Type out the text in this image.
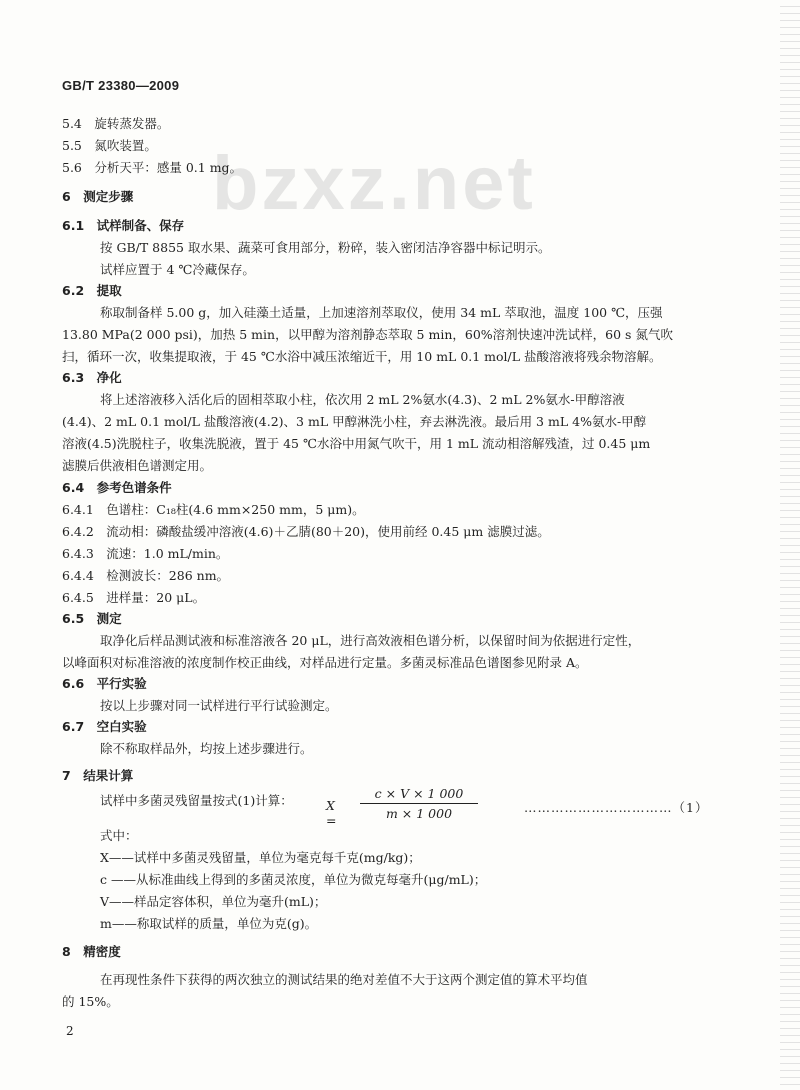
GB/T 23380—2009
bzxz.net
5.4　旋转蒸发器。
5.5　氮吹装置。
5.6　分析天平：感量 0.1 mg。
6　测定步骤
6.1　试样制备、保存
按 GB/T 8855 取水果、蔬菜可食用部分，粉碎，装入密闭洁净容器中标记明示。
试样应置于 4 ℃冷藏保存。
6.2　提取
称取制备样 5.00 g，加入硅藻土适量，上加速溶剂萃取仪，使用 34 mL 萃取池，温度 100 ℃，压强
13.80 MPa(2 000 psi)，加热 5 min，以甲醇为溶剂静态萃取 5 min，60%溶剂快速冲洗试样，60 s 氮气吹
扫，循环一次，收集提取液，于 45 ℃水浴中减压浓缩近干，用 10 mL 0.1 mol/L 盐酸溶液将残余物溶解。
6.3　净化
将上述溶液移入活化后的固相萃取小柱，依次用 2 mL 2%氨水(4.3)、2 mL 2%氨水-甲醇溶液
(4.4)、2 mL 0.1 mol/L 盐酸溶液(4.2)、3 mL 甲醇淋洗小柱，弃去淋洗液。最后用 3 mL 4%氨水-甲醇
溶液(4.5)洗脱柱子，收集洗脱液，置于 45 ℃水浴中用氮气吹干，用 1 mL 流动相溶解残渣，过 0.45 μm
滤膜后供液相色谱测定用。
6.4　参考色谱条件
6.4.1　色谱柱：C₁₈柱(4.6 mm×250 mm，5 μm)。
6.4.2　流动相：磷酸盐缓冲溶液(4.6)＋乙腈(80＋20)，使用前经 0.45 μm 滤膜过滤。
6.4.3　流速：1.0 mL/min。
6.4.4　检测波长：286 nm。
6.4.5　进样量：20 μL。
6.5　测定
取净化后样品测试液和标准溶液各 20 μL，进行高效液相色谱分析，以保留时间为依据进行定性，
以峰面积对标准溶液的浓度制作校正曲线，对样品进行定量。多菌灵标准品色谱图参见附录 A。
6.6　平行实验
按以上步骤对同一试样进行平行试验测定。
6.7　空白实验
除不称取样品外，均按上述步骤进行。
7　结果计算
试样中多菌灵残留量按式(1)计算：	X =
c × V × 1 000
m × 1 000	……………………………（1）
式中：
X——试样中多菌灵残留量，单位为毫克每千克(mg/kg)；
c ——从标准曲线上得到的多菌灵浓度，单位为微克每毫升(μg/mL)；
V——样品定容体积，单位为毫升(mL)；
m——称取试样的质量，单位为克(g)。
8　精密度
在再现性条件下获得的两次独立的测试结果的绝对差值不大于这两个测定值的算术平均值
的 15%。
2
